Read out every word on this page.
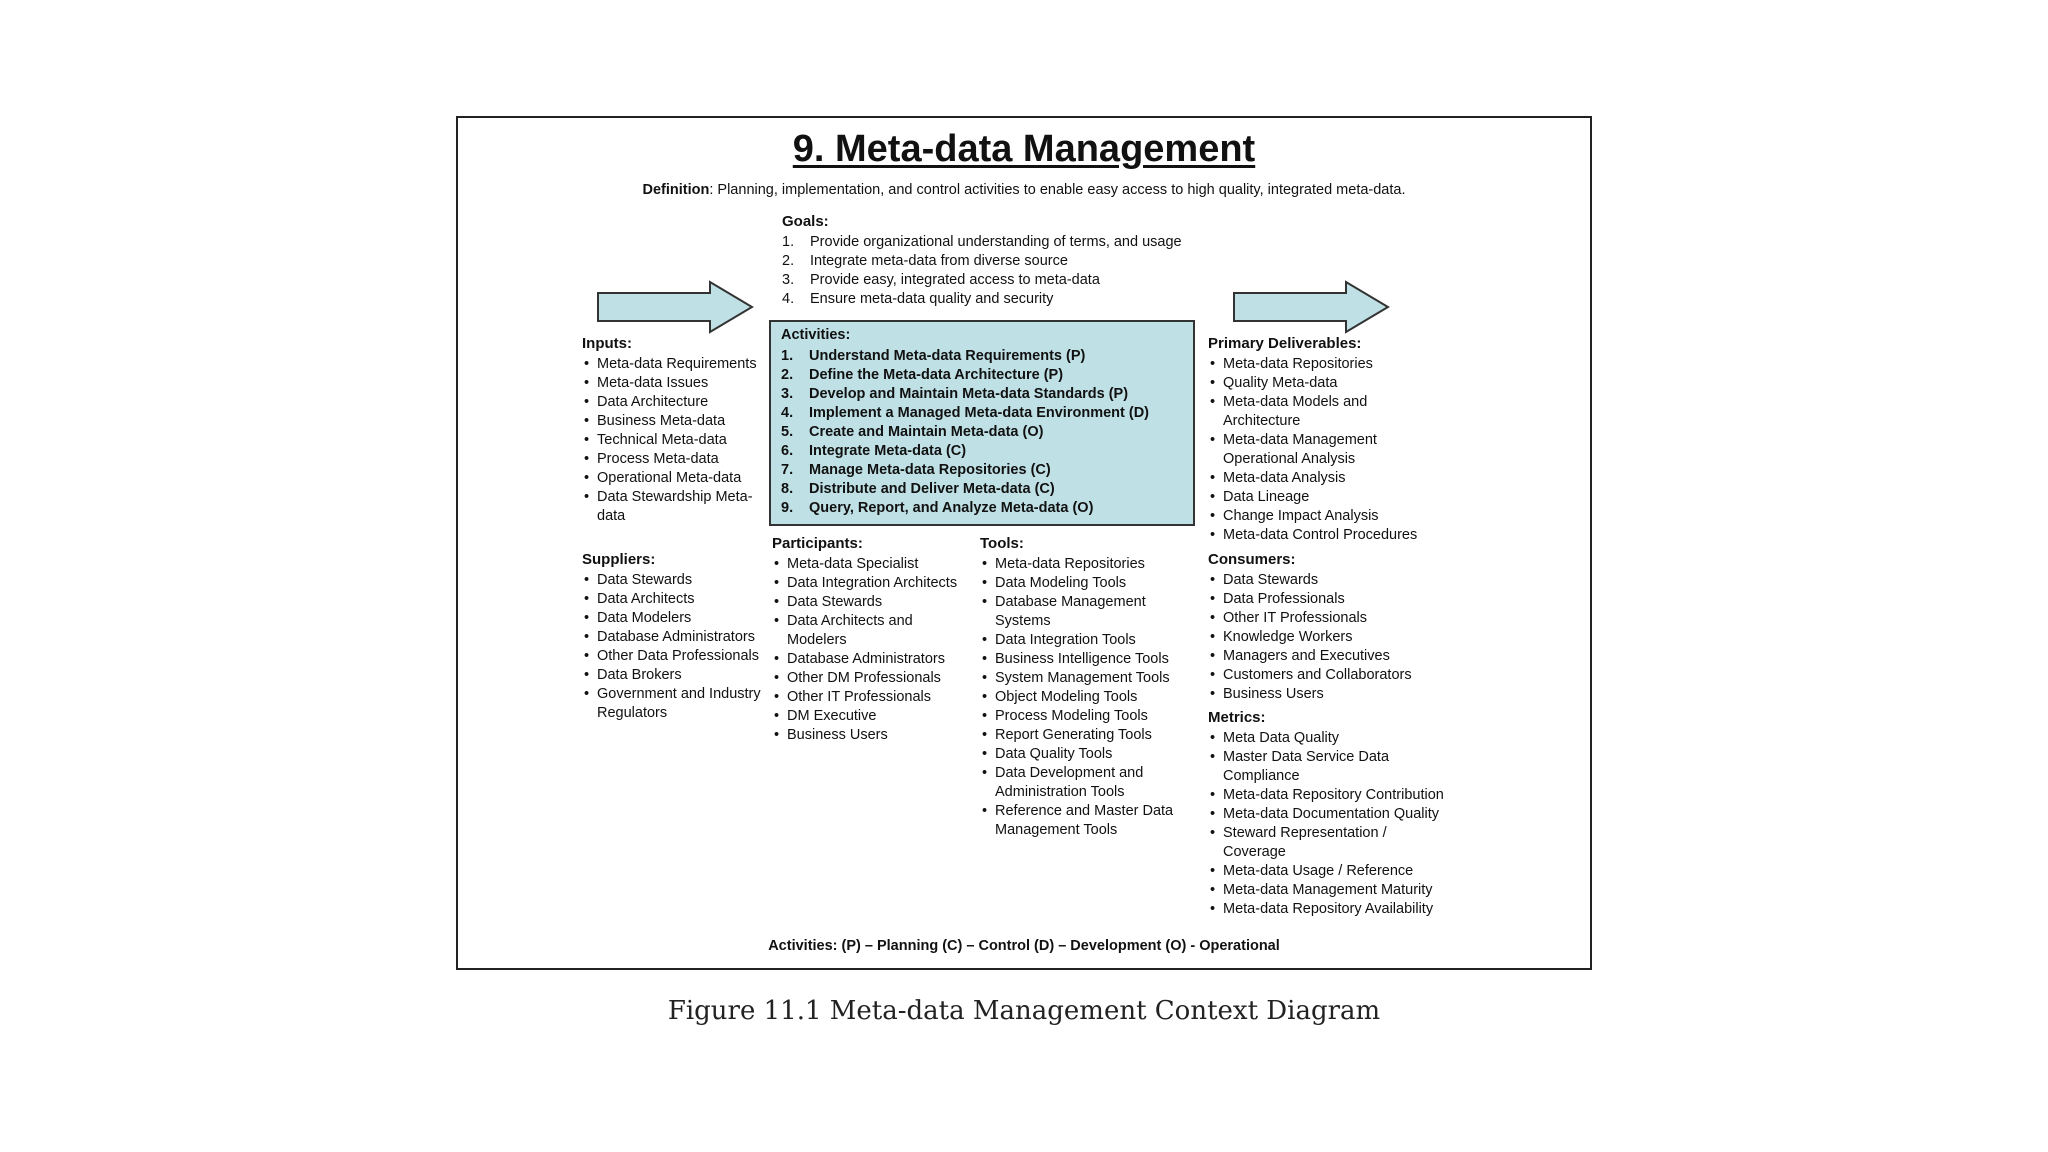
9. Meta-data Management
Definition: Planning, implementation, and control activities to enable easy access to high quality, integrated meta-data.
Goals:
1. Provide organizational understanding of terms, and usage
2. Integrate meta-data from diverse source
3. Provide easy, integrated access to meta-data
4. Ensure meta-data quality and security
Activities:
1. Understand Meta-data Requirements (P)
2. Define the Meta-data Architecture (P)
3. Develop and Maintain Meta-data Standards (P)
4. Implement a Managed Meta-data Environment (D)
5. Create and Maintain Meta-data (O)
6. Integrate Meta-data (C)
7. Manage Meta-data Repositories (C)
8. Distribute and Deliver Meta-data (C)
9. Query, Report, and Analyze Meta-data (O)
Inputs:
• Meta-data Requirements
• Meta-data Issues
• Data Architecture
• Business Meta-data
• Technical Meta-data
• Process Meta-data
• Operational Meta-data
• Data Stewardship Meta-data
Suppliers:
• Data Stewards
• Data Architects
• Data Modelers
• Database Administrators
• Other Data Professionals
• Data Brokers
• Government and Industry Regulators
Participants:
• Meta-data Specialist
• Data Integration Architects
• Data Stewards
• Data Architects and Modelers
• Database Administrators
• Other DM Professionals
• Other IT Professionals
• DM Executive
• Business Users
Tools:
• Meta-data Repositories
• Data Modeling Tools
• Database Management Systems
• Data Integration Tools
• Business Intelligence Tools
• System Management Tools
• Object Modeling Tools
• Process Modeling Tools
• Report Generating Tools
• Data Quality Tools
• Data Development and Administration Tools
• Reference and Master Data Management Tools
Primary Deliverables:
• Meta-data Repositories
• Quality Meta-data
• Meta-data Models and Architecture
• Meta-data Management Operational Analysis
• Meta-data Analysis
• Data Lineage
• Change Impact Analysis
• Meta-data Control Procedures
Consumers:
• Data Stewards
• Data Professionals
• Other IT Professionals
• Knowledge Workers
• Managers and Executives
• Customers and Collaborators
• Business Users
Metrics:
• Meta Data Quality
• Master Data Service Data Compliance
• Meta-data Repository Contribution
• Meta-data Documentation Quality
• Steward Representation / Coverage
• Meta-data Usage / Reference
• Meta-data Management Maturity
• Meta-data Repository Availability
Activities: (P) – Planning (C) – Control (D) – Development (O) - Operational
Figure 11.1 Meta-data Management Context Diagram
